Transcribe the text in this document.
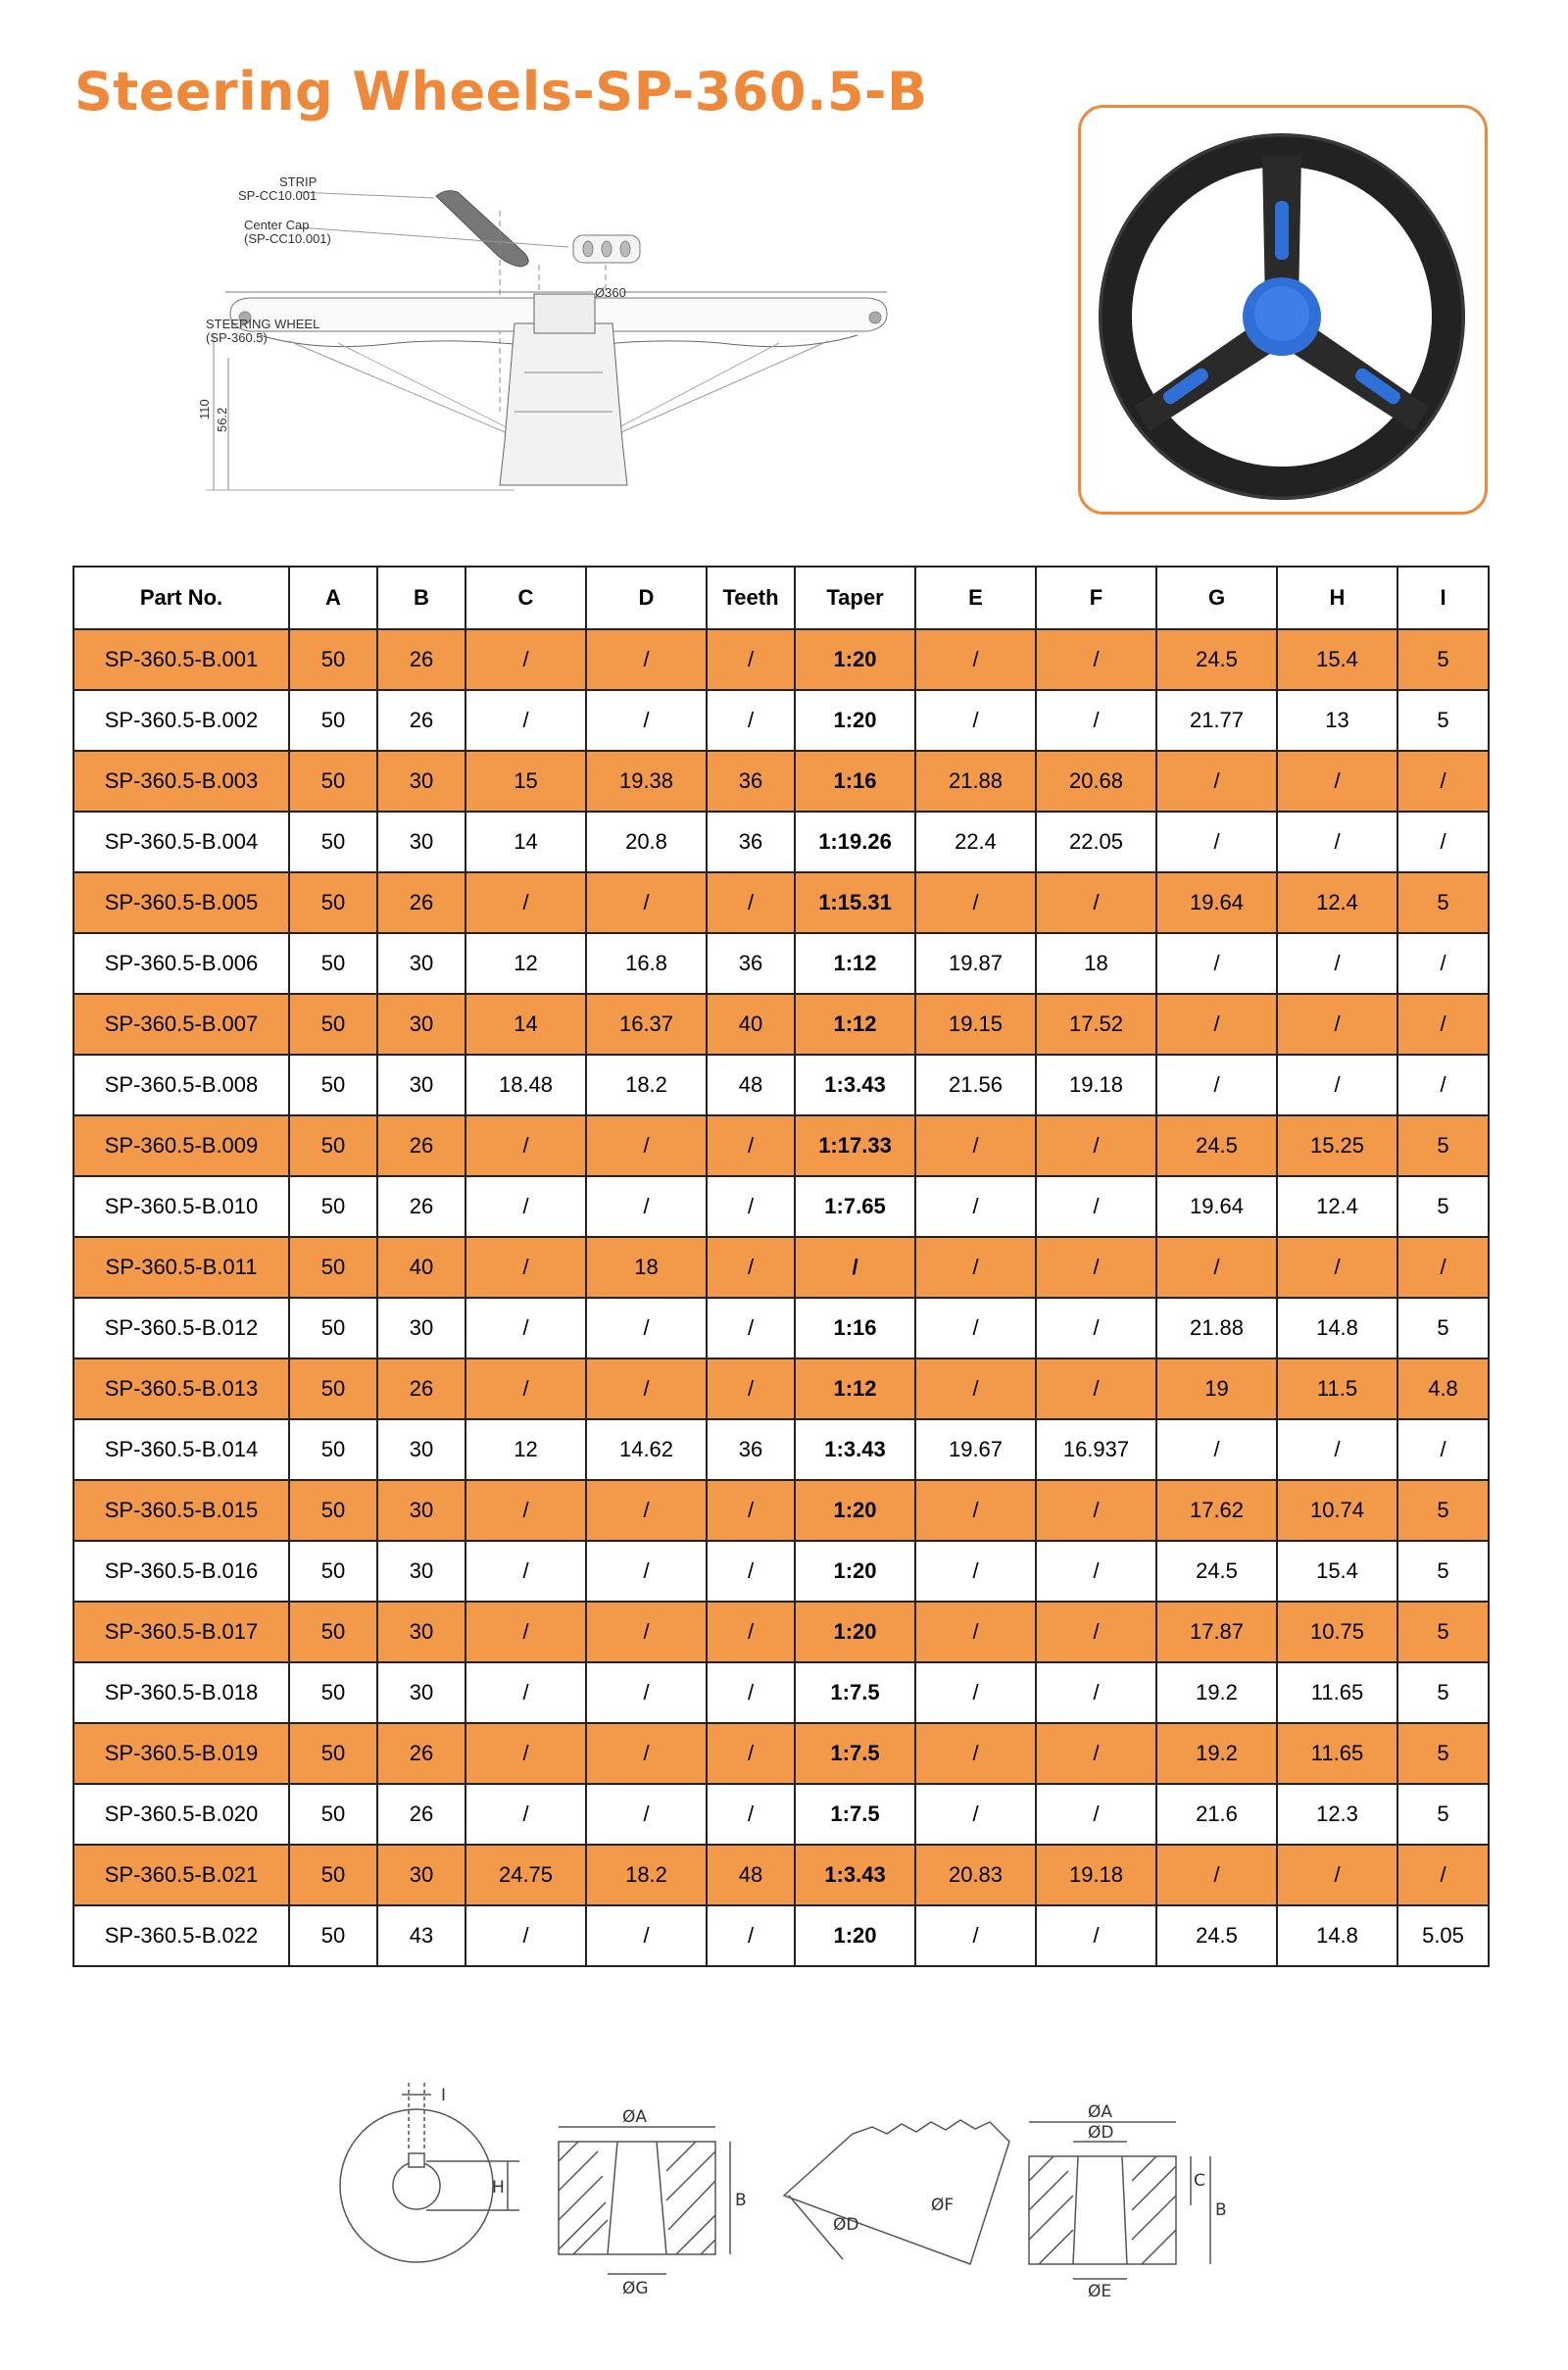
Steering Wheels-SP-360.5-B
STRIP
SP-CC10.001
Center Cap
(SP-CC10.001)
STEERING WHEEL
(SP-360.5)
Ø360
110 56.2
Part No.	A	B	C	D	Teeth	Taper	E	F	G	H	I
SP-360.5-B.001	50	26	/	/	/	1:20	/	/	24.5	15.4	5
SP-360.5-B.002	50	26	/	/	/	1:20	/	/	21.77	13	5
SP-360.5-B.003	50	30	15	19.38	36	1:16	21.88	20.68	/	/	/
SP-360.5-B.004	50	30	14	20.8	36	1:19.26	22.4	22.05	/	/	/
SP-360.5-B.005	50	26	/	/	/	1:15.31	/	/	19.64	12.4	5
SP-360.5-B.006	50	30	12	16.8	36	1:12	19.87	18	/	/	/
SP-360.5-B.007	50	30	14	16.37	40	1:12	19.15	17.52	/	/	/
SP-360.5-B.008	50	30	18.48	18.2	48	1:3.43	21.56	19.18	/	/	/
SP-360.5-B.009	50	26	/	/	/	1:17.33	/	/	24.5	15.25	5
SP-360.5-B.010	50	26	/	/	/	1:7.65	/	/	19.64	12.4	5
SP-360.5-B.011	50	40	/	18	/	/	/	/	/	/	/
SP-360.5-B.012	50	30	/	/	/	1:16	/	/	21.88	14.8	5
SP-360.5-B.013	50	26	/	/	/	1:12	/	/	19	11.5	4.8
SP-360.5-B.014	50	30	12	14.62	36	1:3.43	19.67	16.937	/	/	/
SP-360.5-B.015	50	30	/	/	/	1:20	/	/	17.62	10.74	5
SP-360.5-B.016	50	30	/	/	/	1:20	/	/	24.5	15.4	5
SP-360.5-B.017	50	30	/	/	/	1:20	/	/	17.87	10.75	5
SP-360.5-B.018	50	30	/	/	/	1:7.5	/	/	19.2	11.65	5
SP-360.5-B.019	50	26	/	/	/	1:7.5	/	/	19.2	11.65	5
SP-360.5-B.020	50	26	/	/	/	1:7.5	/	/	21.6	12.3	5
SP-360.5-B.021	50	30	24.75	18.2	48	1:3.43	20.83	19.18	/	/	/
SP-360.5-B.022	50	43	/	/	/	1:20	/	/	24.5	14.8	5.05
I
H
ØA
B
ØG
ØD
ØF
ØA
ØD
C
B
ØE
